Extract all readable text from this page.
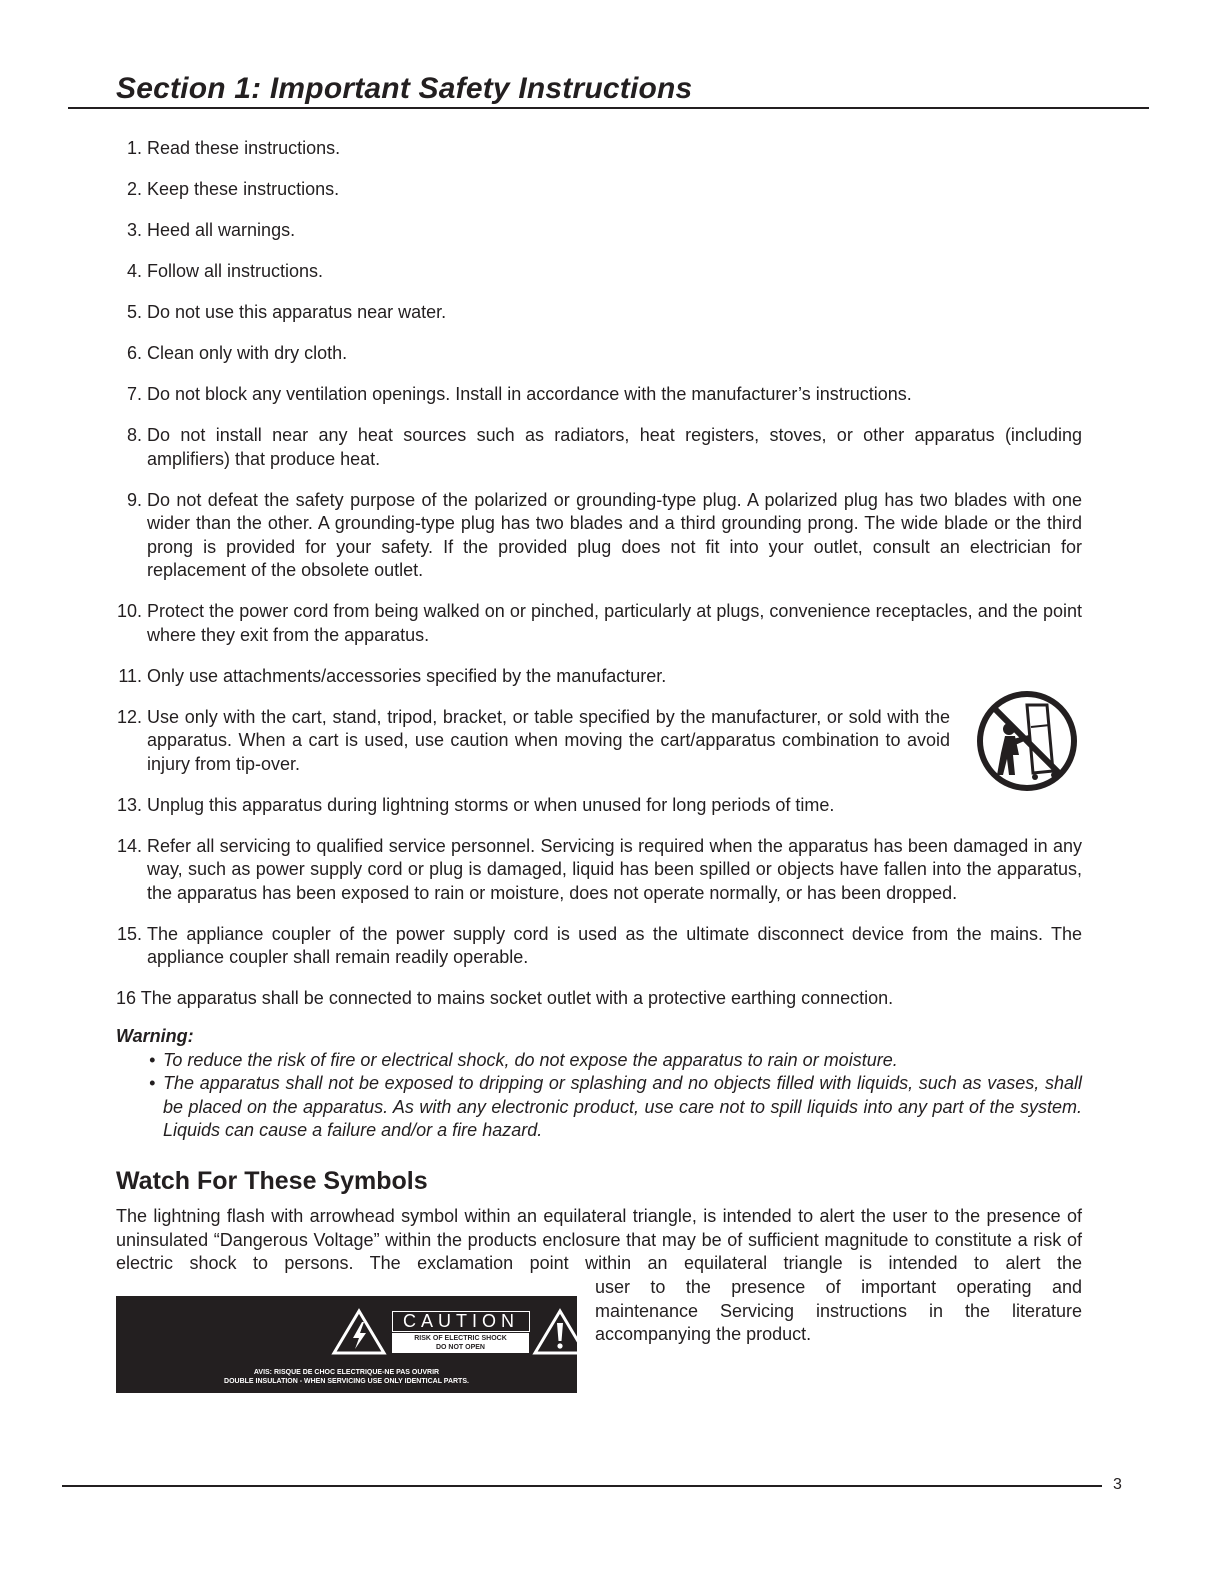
Section 1: Important Safety Instructions
1. Read these instructions.
2. Keep these instructions.
3. Heed all warnings.
4. Follow all instructions.
5. Do not use this apparatus near water.
6. Clean only with dry cloth.
7. Do not block any ventilation openings. Install in accordance with the manufacturer’s instructions.
8. Do not install near any heat sources such as radiators, heat registers, stoves, or other apparatus (including amplifiers) that produce heat.
9. Do not defeat the safety purpose of the polarized or grounding-type plug. A polarized plug has two blades with one wider than the other. A grounding-type plug has two blades and a third grounding prong. The wide blade or the third prong is provided for your safety. If the provided plug does not fit into your outlet, consult an electrician for replacement of the obsolete outlet.
10. Protect the power cord from being walked on or pinched, particularly at plugs, convenience receptacles, and the point where they exit from the apparatus.
11. Only use attachments/accessories specified by the manufacturer.
12. Use only with the cart, stand, tripod, bracket, or table specified by the manufacturer, or sold with the apparatus. When a cart is used, use caution when moving the cart/apparatus combination to avoid injury from tip-over.
13. Unplug this apparatus during lightning storms or when unused for long periods of time.
14. Refer all servicing to qualified service personnel. Servicing is required when the apparatus has been damaged in any way, such as power supply cord or plug is damaged, liquid has been spilled or objects have fallen into the apparatus, the apparatus has been exposed to rain or moisture, does not operate normally, or has been dropped.
15. The appliance coupler of the power supply cord is used as the ultimate disconnect device from the mains. The appliance coupler shall remain readily operable.
16 The apparatus shall be connected to mains socket outlet with a protective earthing connection.
Warning:
• To reduce the risk of fire or electrical shock, do not expose the apparatus to rain or moisture.
• The apparatus shall not be exposed to dripping or splashing and no objects filled with liquids, such as vases, shall be placed on the apparatus. As with any electronic product, use care not to spill liquids into any part of the system. Liquids can cause a failure and/or a fire hazard.
Watch For These Symbols
The lightning flash with arrowhead symbol within an equilateral triangle, is intended to alert the user to the presence of uninsulated “Dangerous Voltage” within the products enclosure that may be of sufficient magnitude to constitute a risk of electric shock to persons. The exclamation point within an equilateral triangle is intended to alert the
user to the presence of important operating and maintenance Servicing instructions in the literature accompanying the product.
CAUTION
RISK OF ELECTRIC SHOCK
DO NOT OPEN
AVIS: RISQUE DE CHOC ELECTRIQUE-NE PAS OUVRIR
DOUBLE INSULATION - WHEN SERVICING USE ONLY IDENTICAL PARTS.
3
